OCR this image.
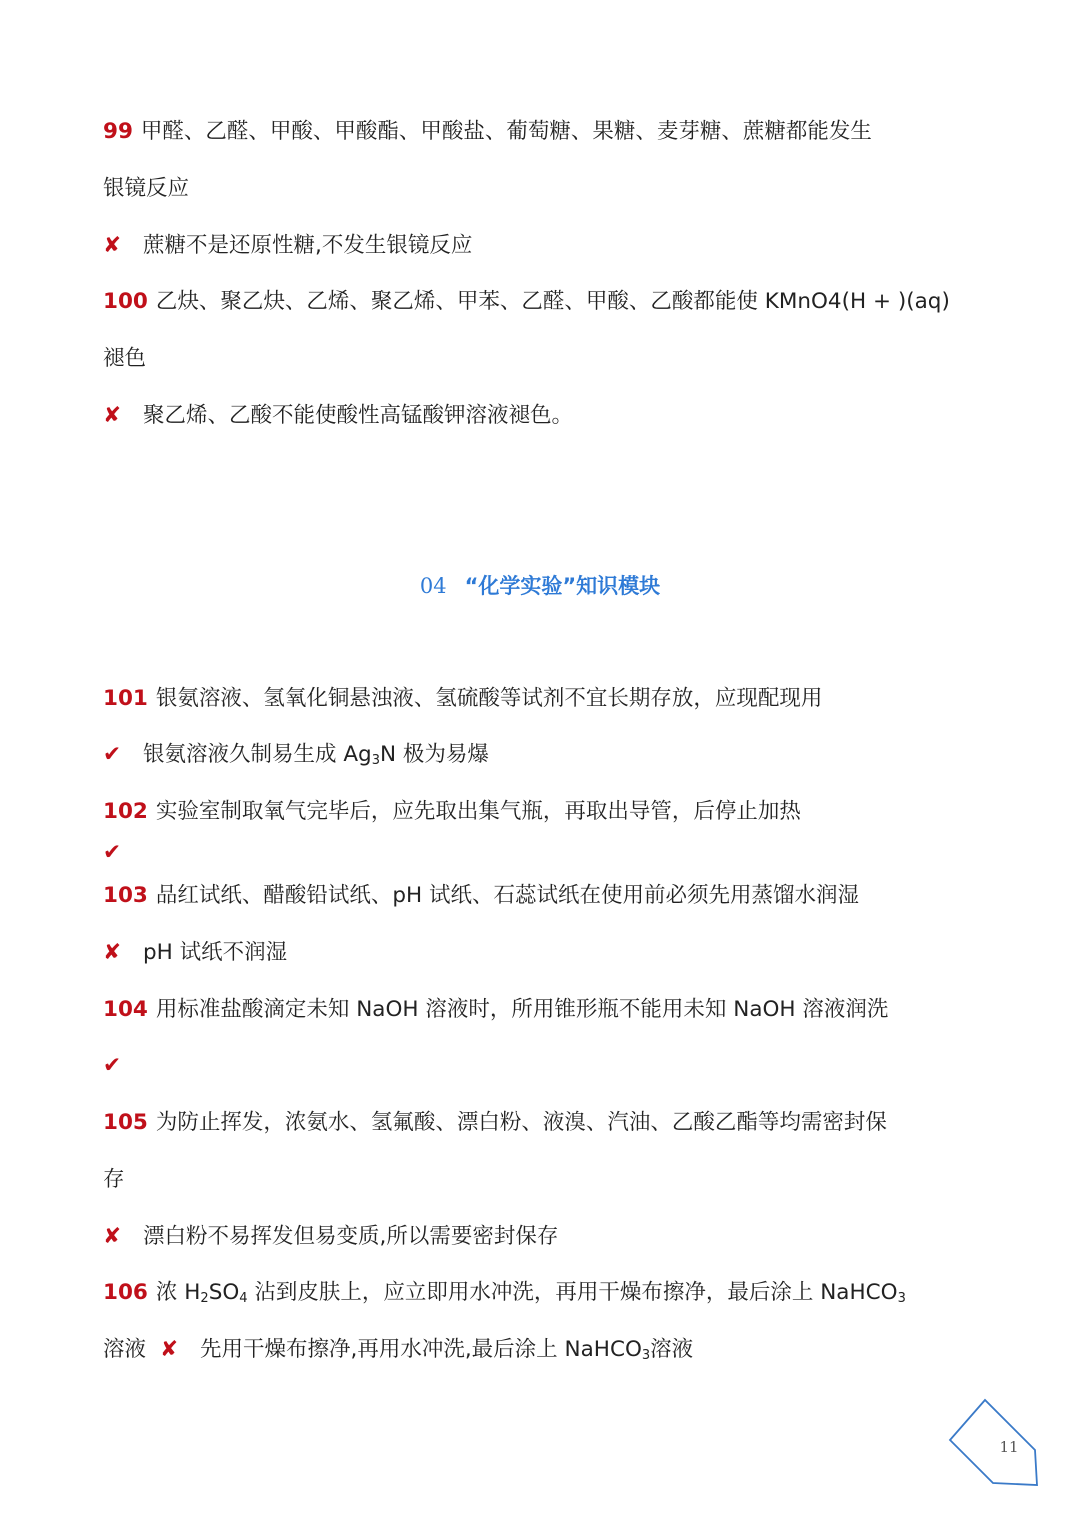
99 甲醛、乙醛、甲酸、甲酸酯、甲酸盐、葡萄糖、果糖、麦芽糖、蔗糖都能发生
银镜反应
✘ 蔗糖不是还原性糖,不发生银镜反应
100 乙炔、聚乙炔、乙烯、聚乙烯、甲苯、乙醛、甲酸、乙酸都能使 KMnO4(H + )(aq)
褪色
✘ 聚乙烯、乙酸不能使酸性高锰酸钾溶液褪色。
04 “化学实验”知识模块
101 银氨溶液、氢氧化铜悬浊液、氢硫酸等试剂不宜长期存放，应现配现用
✔ 银氨溶液久制易生成 $Ag_3N$ 极为易爆
102 实验室制取氧气完毕后，应先取出集气瓶，再取出导管，后停止加热
✔
103 品红试纸、醋酸铅试纸、pH 试纸、石蕊试纸在使用前必须先用蒸馏水润湿
✘ pH 试纸不润湿
104 用标准盐酸滴定未知 NaOH 溶液时，所用锥形瓶不能用未知 NaOH 溶液润洗
✔
105 为防止挥发，浓氨水、氢氟酸、漂白粉、液溴、汽油、乙酸乙酯等均需密封保
存
✘ 漂白粉不易挥发但易变质,所以需要密封保存
106 浓 $H_2SO_4$ 沾到皮肤上，应立即用水冲洗，再用干燥布擦净，最后涂上 NaHCO$_3$
溶液 ✘ 先用干燥布擦净,再用水冲洗,最后涂上 NaHCO$_3$溶液
11
